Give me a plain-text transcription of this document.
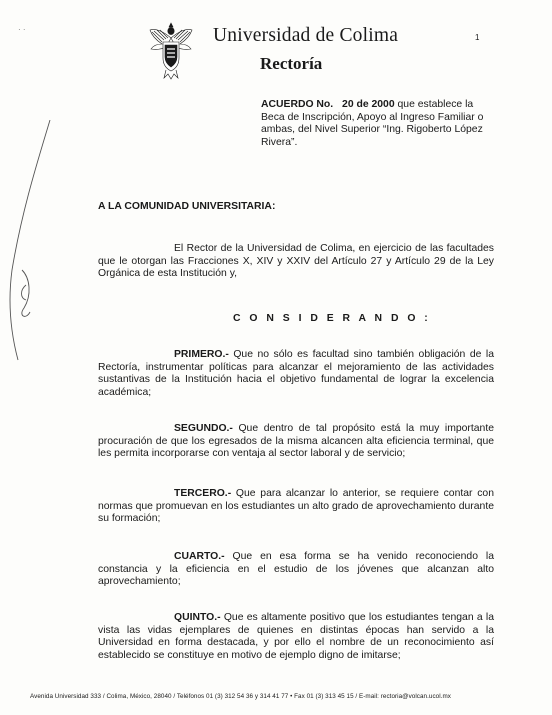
Universidad de Colima
Rectoría
1
· ·
ACUERDO No. 20 de 2000 que establece la Beca de Inscripción, Apoyo al Ingreso Familiar o ambas, del Nivel Superior “Ing. Rigoberto López Rivera”.
A LA COMUNIDAD UNIVERSITARIA:
El Rector de la Universidad de Colima, en ejercicio de las facultades que le otorgan las Fracciones X, XIV y XXIV del Artículo 27 y Artículo 29 de la Ley Orgánica de esta Institución y,
C O N S I D E R A N D O :
PRIMERO.- Que no sólo es facultad sino también obligación de la Rectoría, instrumentar políticas para alcanzar el mejoramiento de las actividades sustantivas de la Institución hacia el objetivo fundamental de lograr la excelencia académica;
SEGUNDO.- Que dentro de tal propósito está la muy importante procuración de que los egresados de la misma alcancen alta eficiencia terminal, que les permita incorporarse con ventaja al sector laboral y de servicio;
TERCERO.- Que para alcanzar lo anterior, se requiere contar con normas que promuevan en los estudiantes un alto grado de aprovechamiento durante su formación;
CUARTO.- Que en esa forma se ha venido reconociendo la constancia y la eficiencia en el estudio de los jóvenes que alcanzan alto aprovechamiento;
QUINTO.- Que es altamente positivo que los estudiantes tengan a la vista las vidas ejemplares de quienes en distintas épocas han servido a la Universidad en forma destacada, y por ello el nombre de un reconocimiento así establecido se constituye en motivo de ejemplo digno de imitarse;
Avenida Universidad 333 / Colima, México, 28040 / Teléfonos 01 (3) 312 54 36 y 314 41 77 • Fax 01 (3) 313 45 15 / E-mail: rectoria@volcan.ucol.mx
